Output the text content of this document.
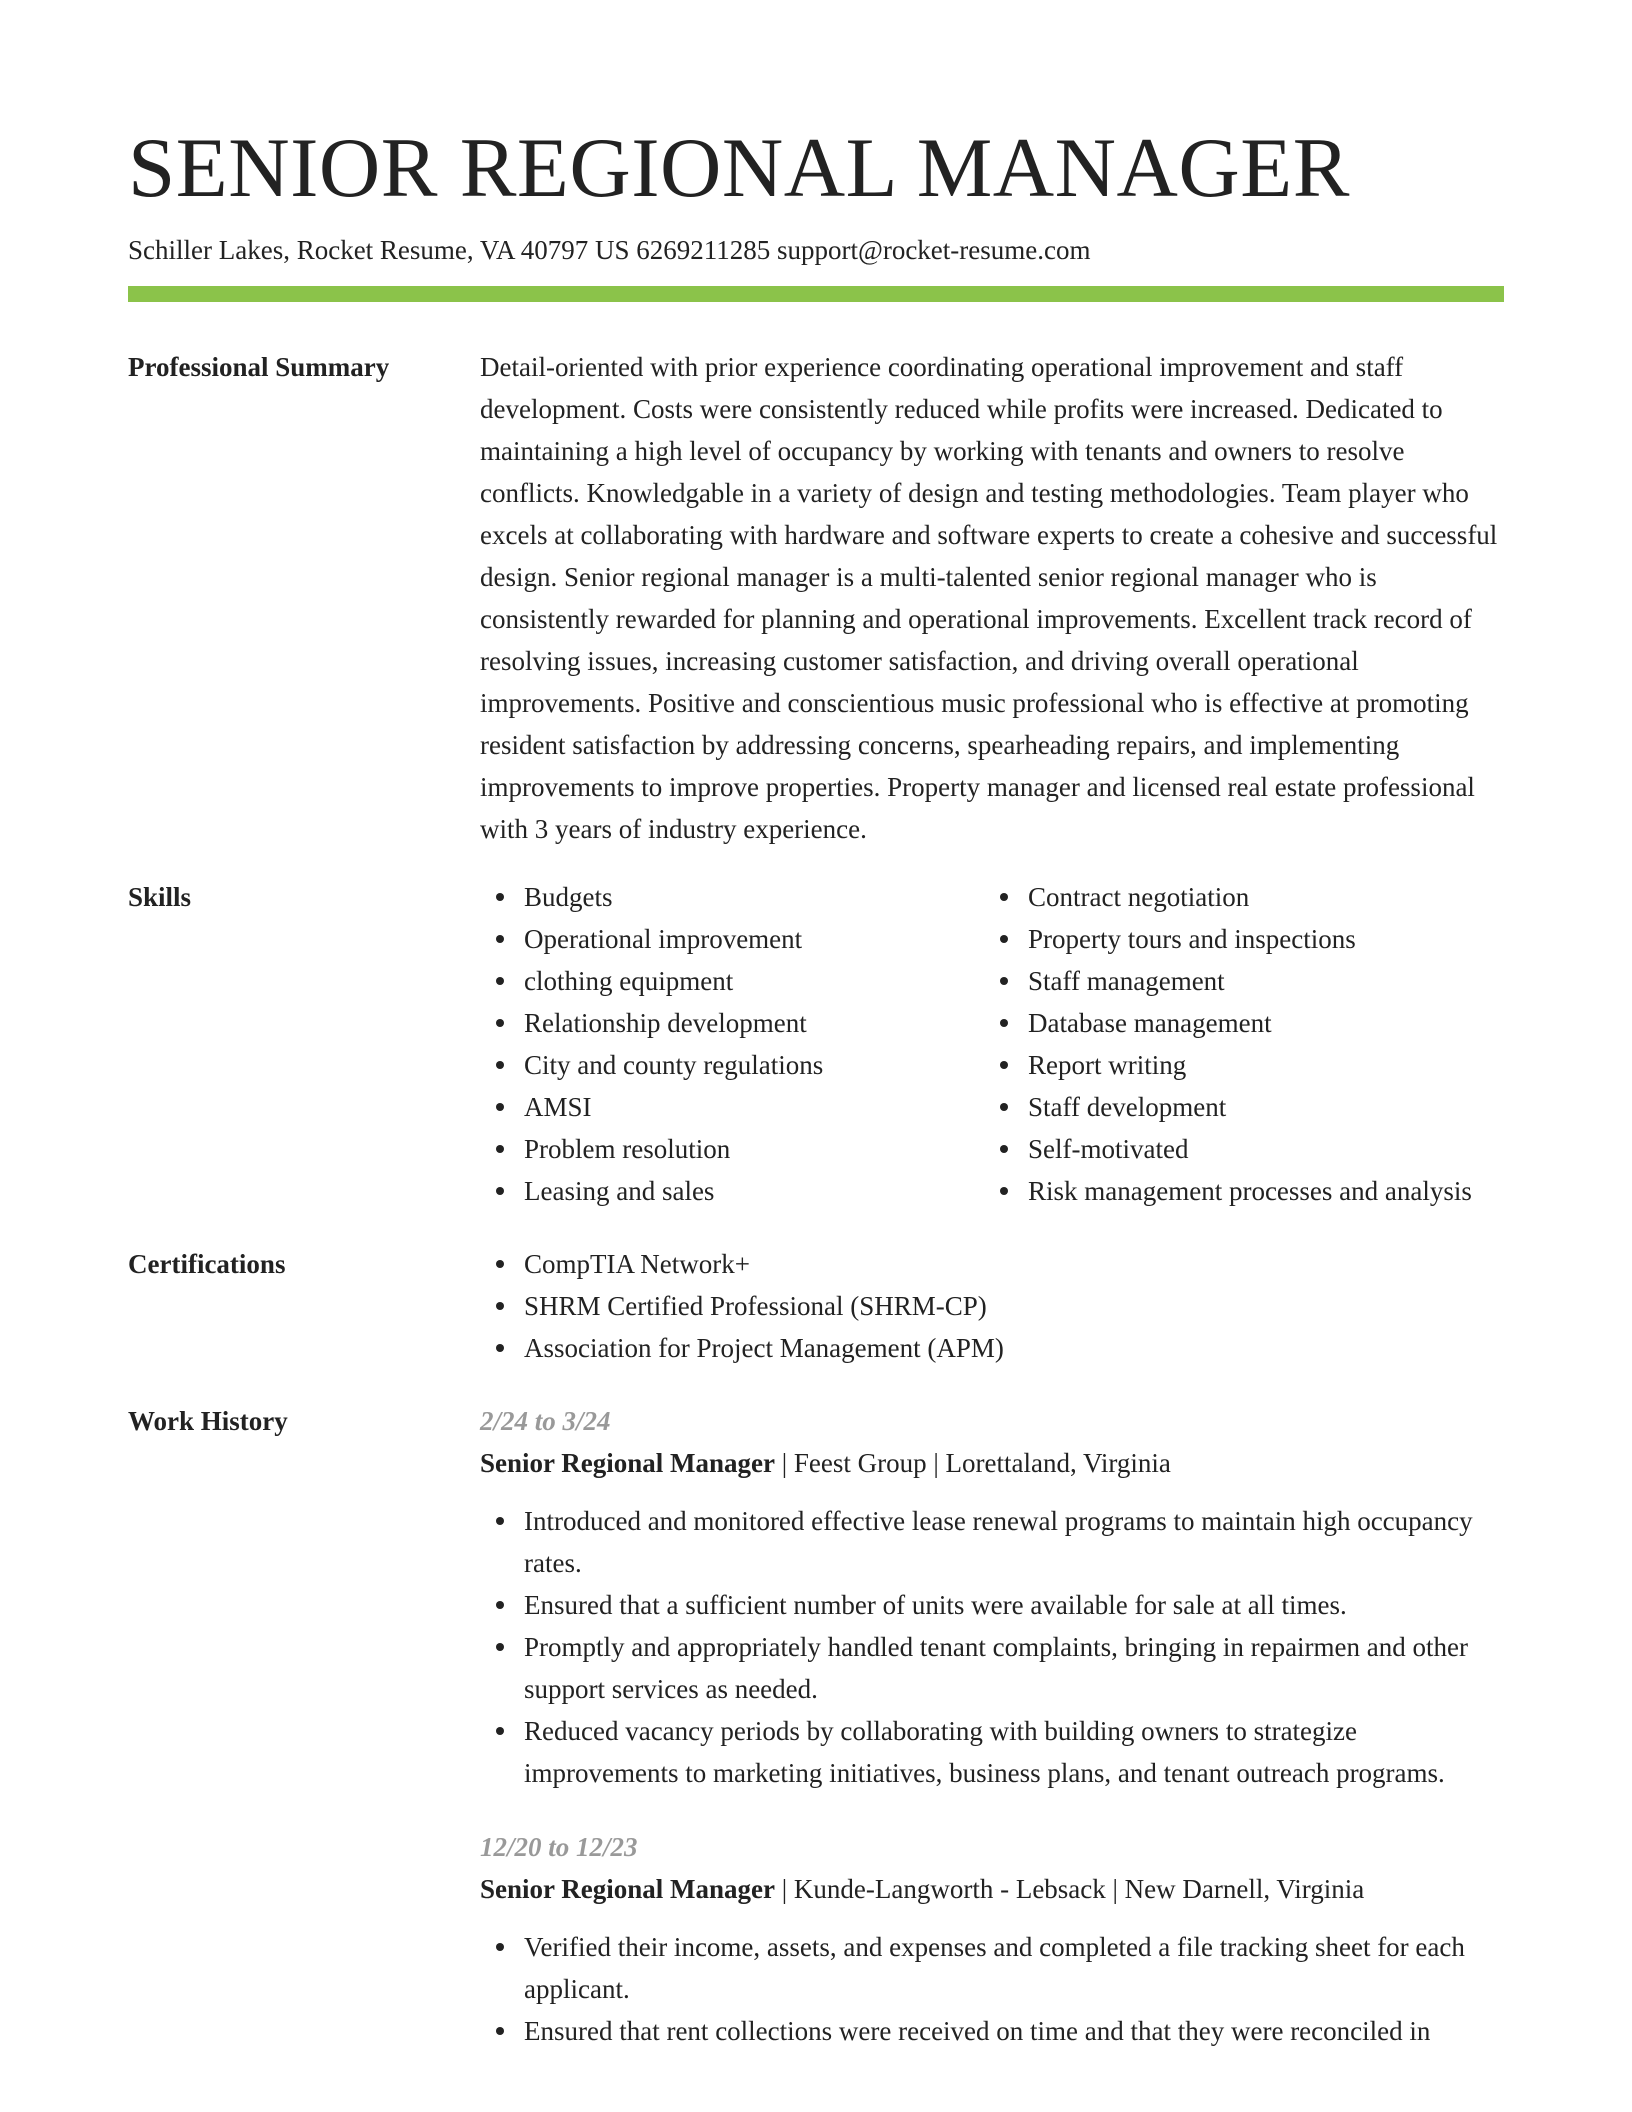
SENIOR REGIONAL MANAGER
Schiller Lakes, Rocket Resume, VA 40797 US 6269211285 support@rocket-resume.com
Professional Summary	Detail-oriented with prior experience coordinating operational improvement and staff development. Costs were consistently reduced while profits were increased. Dedicated to maintaining a high level of occupancy by working with tenants and owners to resolve conflicts. Knowledgable in a variety of design and testing methodologies. Team player who excels at collaborating with hardware and software experts to create a cohesive and successful design. Senior regional manager is a multi-talented senior regional manager who is consistently rewarded for planning and operational improvements. Excellent track record of resolving issues, increasing customer satisfaction, and driving overall operational improvements. Positive and conscientious music professional who is effective at promoting resident satisfaction by addressing concerns, spearheading repairs, and implementing improvements to improve properties. Property manager and licensed real estate professional with 3 years of industry experience.

Skills	Budgets
Operational improvement
clothing equipment
Relationship development
City and county regulations
AMSI
Problem resolution
Leasing and sales
Contract negotiation
Property tours and inspections
Staff management
Database management
Report writing
Staff development
Self-motivated
Risk management processes and analysis
Certifications	CompTIA Network+
SHRM Certified Professional (SHRM-CP)
Association for Project Management (APM)
Work History	2/24 to 3/24
Senior Regional Manager | Feest Group | Lorettaland, Virginia
Introduced and monitored effective lease renewal programs to maintain high occupancy rates.
Ensured that a sufficient number of units were available for sale at all times.
Promptly and appropriately handled tenant complaints, bringing in repairmen and other support services as needed.
Reduced vacancy periods by collaborating with building owners to strategize improvements to marketing initiatives, business plans, and tenant outreach programs.
12/20 to 12/23
Senior Regional Manager | Kunde-Langworth - Lebsack | New Darnell, Virginia
Verified their income, assets, and expenses and completed a file tracking sheet for each applicant.
Ensured that rent collections were received on time and that they were reconciled in
